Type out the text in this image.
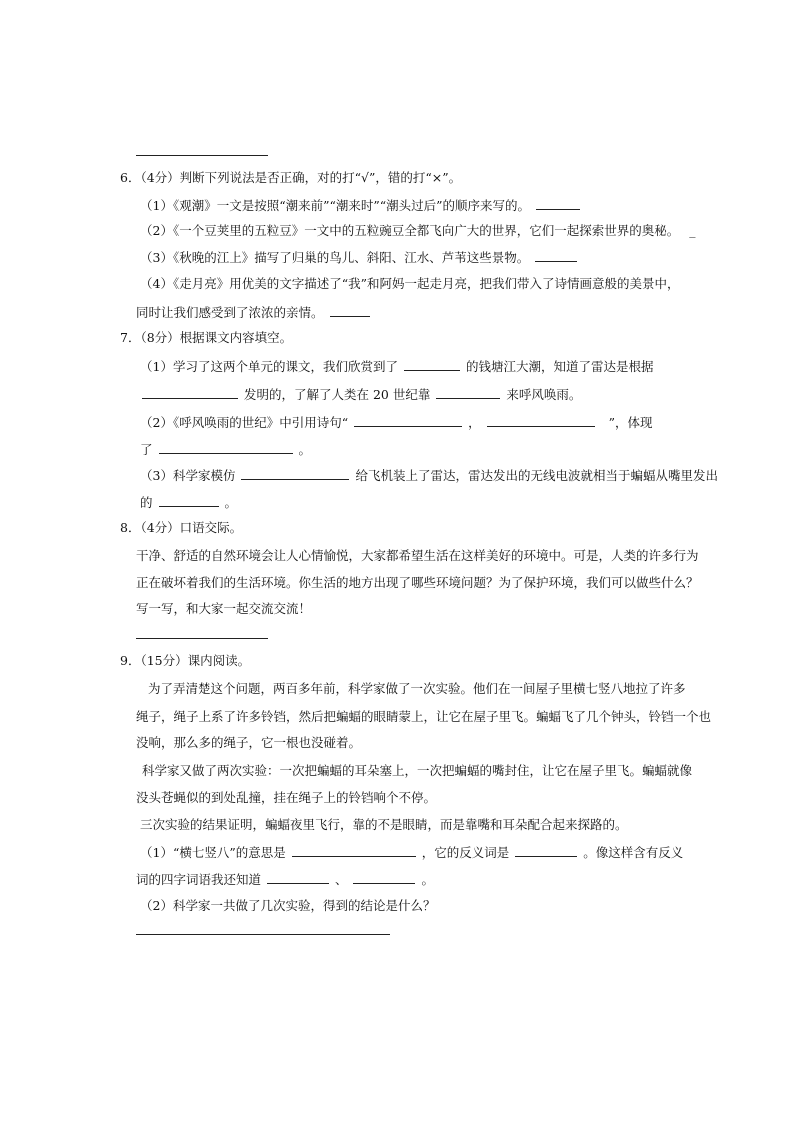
6．（4分）判断下列说法是否正确，对的打“√”，错的打“×”。
（1）《观潮》一文是按照“潮来前”“潮来时”“潮头过后”的顺序来写的。
（2）《一个豆荚里的五粒豆》一文中的五粒豌豆全都飞向广大的世界，它们一起探索世界的奥秘。 _
（3）《秋晚的江上》描写了归巢的鸟儿、斜阳、江水、芦苇这些景物。
（4）《走月亮》用优美的文字描述了“我”和阿妈一起走月亮，把我们带入了诗情画意般的美景中，
同时让我们感受到了浓浓的亲情。
7．（8分）根据课文内容填空。
（1）学习了这两个单元的课文，我们欣赏到了	的钱塘江大潮，知道了雷达是根据
发明的，了解了人类在 20 世纪靠	来呼风唤雨。
（2）《呼风唤雨的世纪》中引用诗句“	，	”，体现
了	。
（3）科学家模仿	给飞机装上了雷达，雷达发出的无线电波就相当于蝙蝠从嘴里发出
的	。
8．（4分）口语交际。
干净、舒适的自然环境会让人心情愉悦，大家都希望生活在这样美好的环境中。可是，人类的许多行为
正在破坏着我们的生活环境。你生活的地方出现了哪些环境问题？为了保护环境，我们可以做些什么？
写一写，和大家一起交流交流！
9．（15分）课内阅读。
为了弄清楚这个问题，两百多年前，科学家做了一次实验。他们在一间屋子里横七竖八地拉了许多
绳子，绳子上系了许多铃铛，然后把蝙蝠的眼睛蒙上，让它在屋子里飞。蝙蝠飞了几个钟头，铃铛一个也
没响，那么多的绳子，它一根也没碰着。
科学家又做了两次实验：一次把蝙蝠的耳朵塞上，一次把蝙蝠的嘴封住，让它在屋子里飞。蝙蝠就像
没头苍蝇似的到处乱撞，挂在绳子上的铃铛响个不停。
三次实验的结果证明，蝙蝠夜里飞行，靠的不是眼睛，而是靠嘴和耳朵配合起来探路的。
（1）“横七竖八”的意思是	，它的反义词是	。像这样含有反义
词的四字词语我还知道	、	。
（2）科学家一共做了几次实验，得到的结论是什么？
